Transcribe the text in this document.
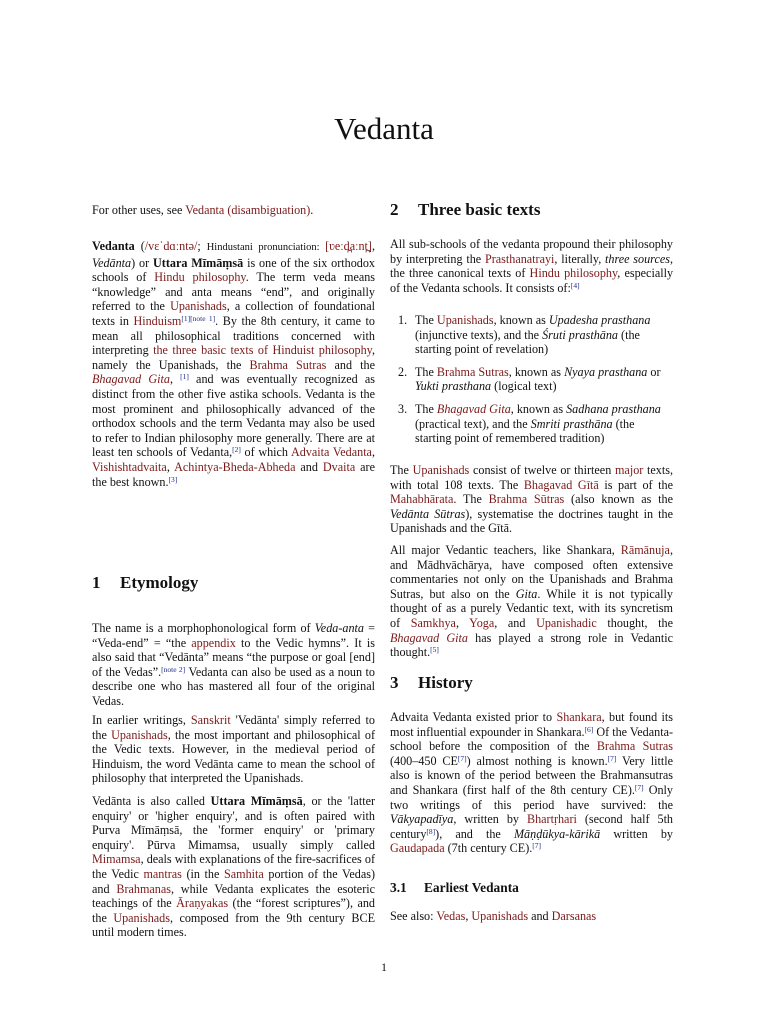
Vedanta

For other uses, see Vedanta (disambiguation).

Vedanta (/vɛˈdɑːntə/; Hindustani pronunciation: [ʋeːd̪aːnt̪], Vedānta) or Uttara Mīmāṃsā is one of the six orthodox schools of Hindu philosophy. The term veda means “knowledge” and anta means “end”, and originally referred to the Upanishads, a collection of foundational texts in Hinduism[1][note 1]. By the 8th century, it came to mean all philosophical traditions concerned with interpreting the three basic texts of Hinduist philosophy, namely the Upanishads, the Brahma Sutras and the Bhagavad Gita, [1] and was eventually recognized as distinct from the other five astika schools. Vedanta is the most prominent and philosophically advanced of the orthodox schools and the term Vedanta may also be used to refer to Indian philosophy more generally. There are at least ten schools of Vedanta,[2] of which Advaita Vedanta, Vishishtadvaita, Achintya-Bheda-Abheda and Dvaita are the best known.[3]

1 Etymology

The name is a morphophonological form of Veda-anta = “Veda-end” = “the appendix to the Vedic hymns”. It is also said that “Vedānta” means “the purpose or goal [end] of the Vedas”.[note 2] Vedanta can also be used as a noun to describe one who has mastered all four of the original Vedas.

In earlier writings, Sanskrit 'Vedānta' simply referred to the Upanishads, the most important and philosophical of the Vedic texts. However, in the medieval period of Hinduism, the word Vedānta came to mean the school of philosophy that interpreted the Upanishads.

Vedānta is also called Uttara Mīmāṃsā, or the 'latter enquiry' or 'higher enquiry', and is often paired with Purva Mīmāṃsā, the 'former enquiry' or 'primary enquiry'. Pūrva Mimamsa, usually simply called Mimamsa, deals with explanations of the fire-sacrifices of the Vedic mantras (in the Samhita portion of the Vedas) and Brahmanas, while Vedanta explicates the esoteric teachings of the Āraṇyakas (the “forest scriptures”), and the Upanishads, composed from the 9th century BCE until modern times.

2 Three basic texts

All sub-schools of the vedanta propound their philosophy by interpreting the Prasthanatrayi, literally, three sources, the three canonical texts of Hindu philosophy, especially of the Vedanta schools. It consists of:[4]

1. The Upanishads, known as Upadesha prasthana (injunctive texts), and the Śruti prasthāna (the starting point of revelation)
2. The Brahma Sutras, known as Nyaya prasthana or Yukti prasthana (logical text)
3. The Bhagavad Gita, known as Sadhana prasthana (practical text), and the Smriti prasthāna (the starting point of remembered tradition)

The Upanishads consist of twelve or thirteen major texts, with total 108 texts. The Bhagavad Gītā is part of the Mahabhārata. The Brahma Sūtras (also known as the Vedānta Sūtras), systematise the doctrines taught in the Upanishads and the Gītā.

All major Vedantic teachers, like Shankara, Rāmānuja, and Mādhvāchārya, have composed often extensive commentaries not only on the Upanishads and Brahma Sutras, but also on the Gita. While it is not typically thought of as a purely Vedantic text, with its syncretism of Samkhya, Yoga, and Upanishadic thought, the Bhagavad Gita has played a strong role in Vedantic thought.[5]

3 History

Advaita Vedanta existed prior to Shankara, but found its most influential expounder in Shankara.[6] Of the Vedanta-school before the composition of the Brahma Sutras (400–450 CE[7]) almost nothing is known.[7] Very little also is known of the period between the Brahmansutras and Shankara (first half of the 8th century CE).[7] Only two writings of this period have survived: the Vākyapadīya, written by Bhartṛhari (second half 5th century[8]), and the Māṇḍūkya-kārikā written by Gaudapada (7th century CE).[7]

3.1 Earliest Vedanta

See also: Vedas, Upanishads and Darsanas

1
